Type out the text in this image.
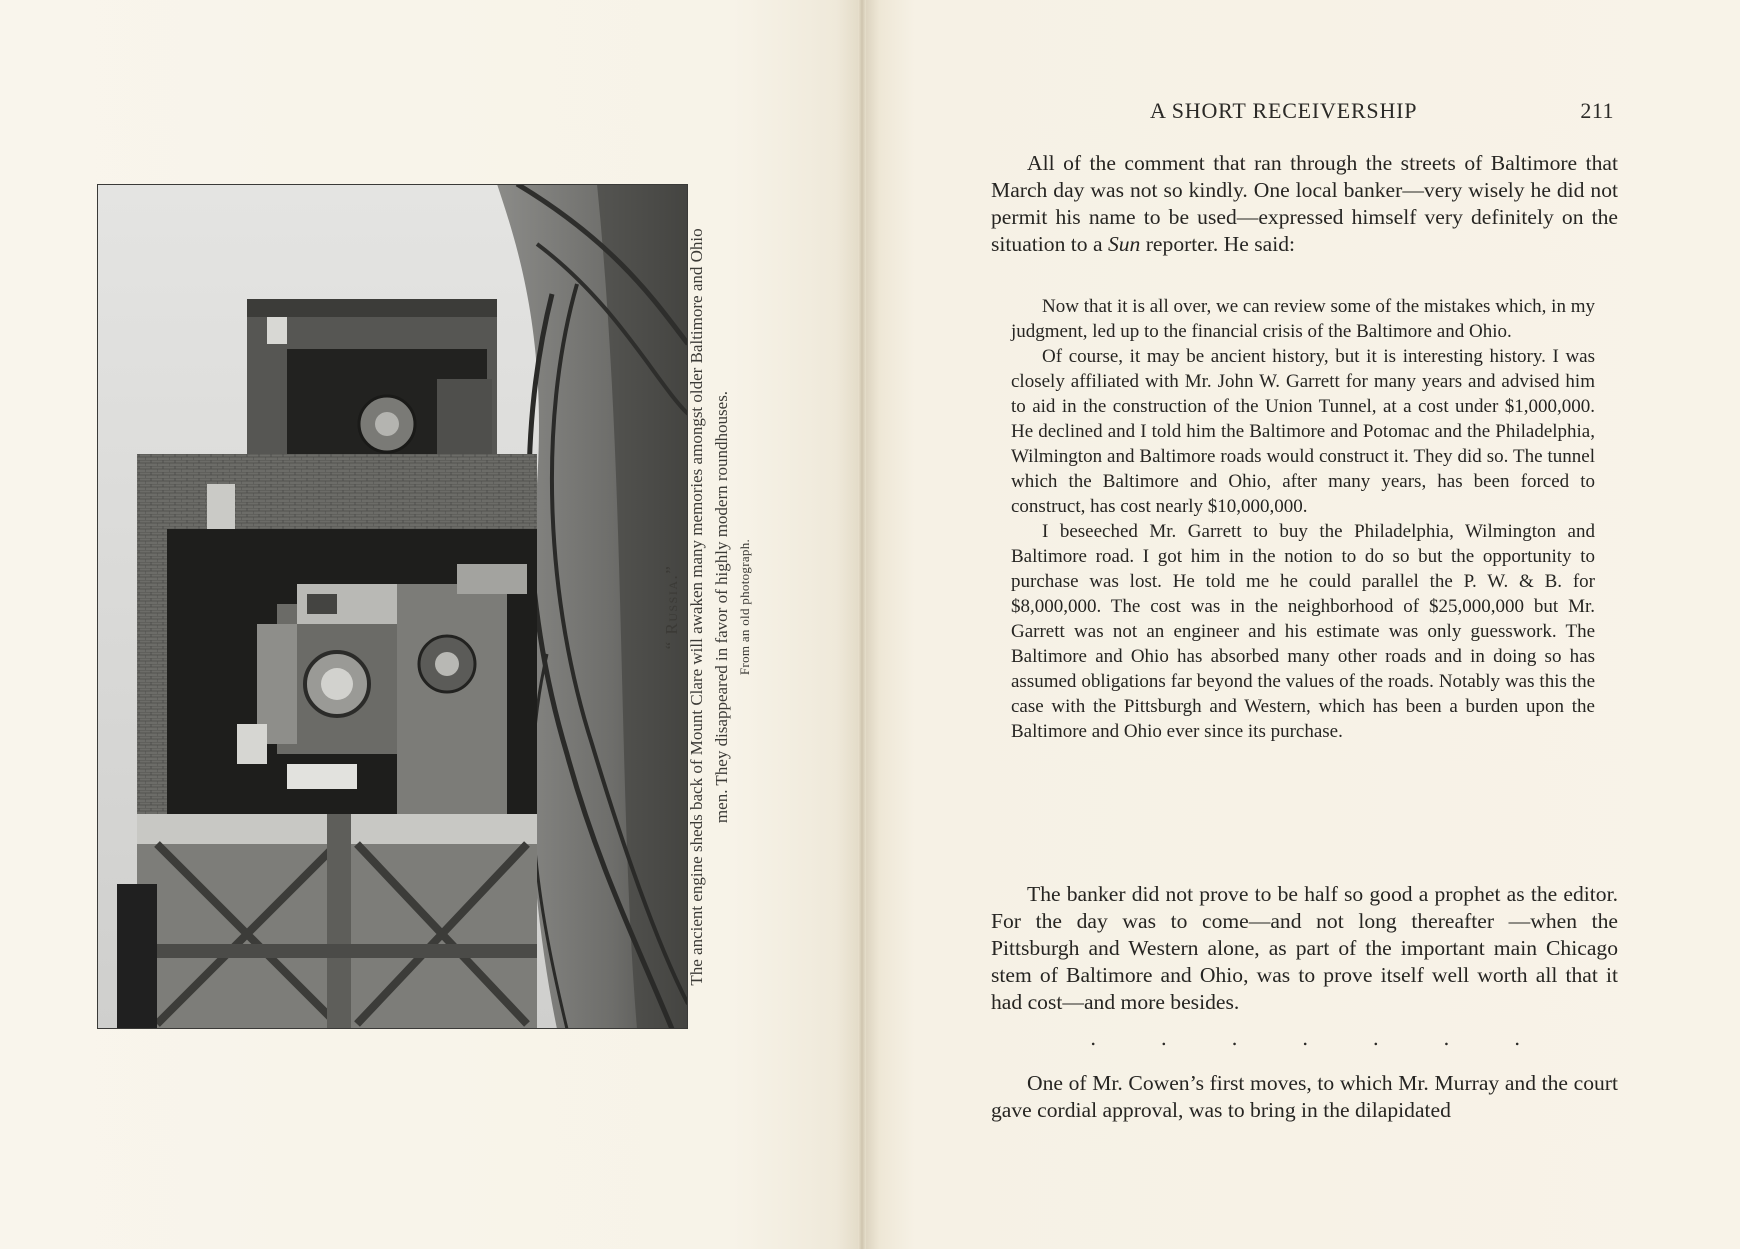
“ Russia.” The ancient engine sheds back of Mount Clare will awaken many memories amongst older Baltimore and Ohio men. They disappeared in favor of highly modern roundhouses. From an old photograph.
A SHORT RECEIVERSHIP	211

All of the comment that ran through the streets of Baltimore that March day was not so kindly. One local banker—very wisely he did not permit his name to be used—expressed himself very definitely on the situation to a Sun reporter. He said:

Now that it is all over, we can review some of the mistakes which, in my judgment, led up to the financial crisis of the Baltimore and Ohio.

Of course, it may be ancient history, but it is interesting history. I was closely affiliated with Mr. John W. Garrett for many years and advised him to aid in the construction of the Union Tunnel, at a cost under $1,000,000. He declined and I told him the Baltimore and Potomac and the Philadelphia, Wilmington and Baltimore roads would construct it. They did so. The tunnel which the Baltimore and Ohio, after many years, has been forced to construct, has cost nearly $10,000,000.

I beseeched Mr. Garrett to buy the Philadelphia, Wilmington and Baltimore road. I got him in the notion to do so but the opportunity to purchase was lost. He told me he could parallel the P. W. & B. for $8,000,000. The cost was in the neighborhood of $25,000,000 but Mr. Garrett was not an engineer and his estimate was only guesswork. The Baltimore and Ohio has absorbed many other roads and in doing so has assumed obligations far beyond the values of the roads. Notably was this the case with the Pittsburgh and Western, which has been a burden upon the Baltimore and Ohio ever since its purchase.

The banker did not prove to be half so good a prophet as the editor. For the day was to come—and not long thereafter —when the Pittsburgh and Western alone, as part of the important main Chicago stem of Baltimore and Ohio, was to prove itself well worth all that it had cost—and more besides.

.	.	.	.	.	.	.

One of Mr. Cowen’s first moves, to which Mr. Murray and the court gave cordial approval, was to bring in the dilapidated
